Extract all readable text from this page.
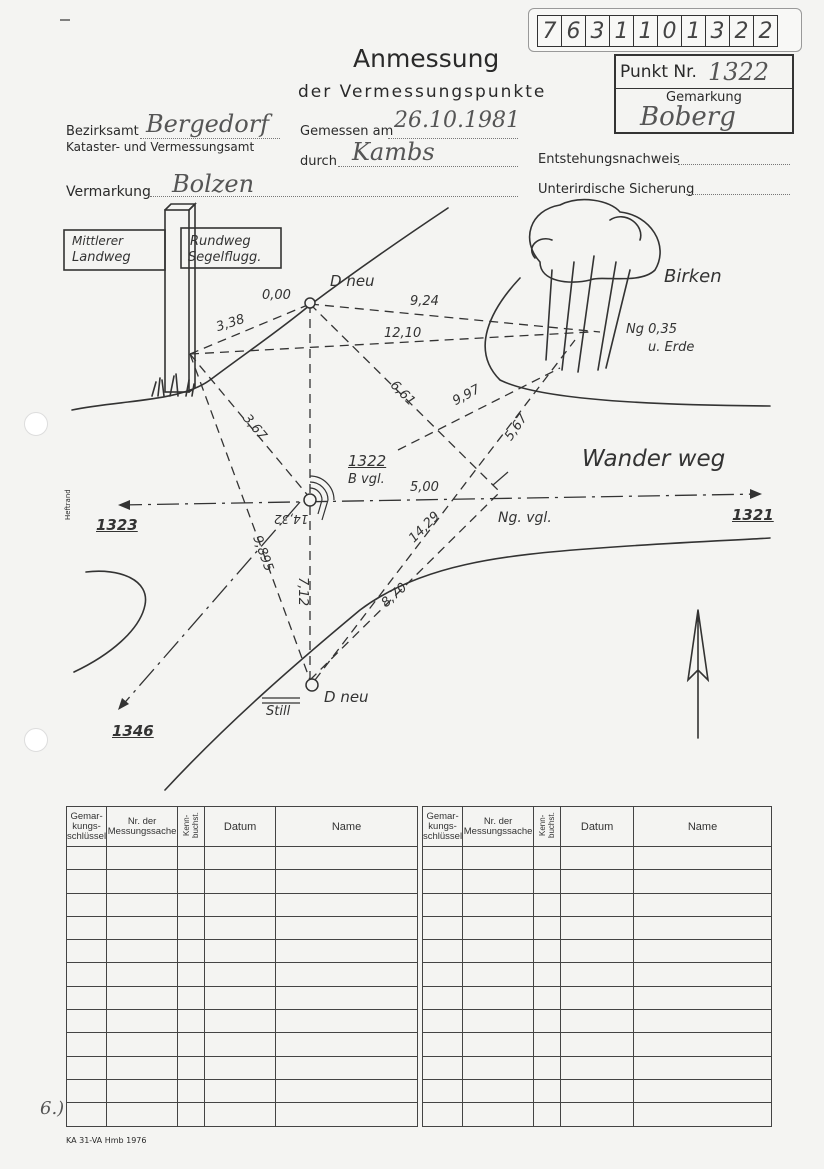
7 6 3 1 1 0 1 3 2 2
Anmessung
der Vermessungspunkte
Punkt Nr. 1322
Gemarkung
Boberg
Bezirksamt Bergedorf
Kataster- und Vermessungsamt
Gemessen am 26.10.1981
durch Kambs	Entstehungsnachweis
Vermarkung Bolzen	Unterirdische Sicherung
Mittlerer
Landweg
Rundweg
Segelflugg.
D neu
0,00
Birken
Ng 0,35
u. Erde
Wander weg
1322
B vgl.
Ng. vgl.
1323
1321
1346
D neu
Still
Heftrand
3,38
9,24
12,10
6,61 9,97
5,67
3,67
5,00
14,32	14,29
9,895
7,12	8,70
Gemar-kungs-schlüssel	Nr. der Messungssache	Kenn-buchst.	Datum	Name

Gemar-kungs-schlüssel	Nr. der Messungssache	Kenn-buchst.	Datum	Name

6.)
KA 31-VA Hmb 1976
